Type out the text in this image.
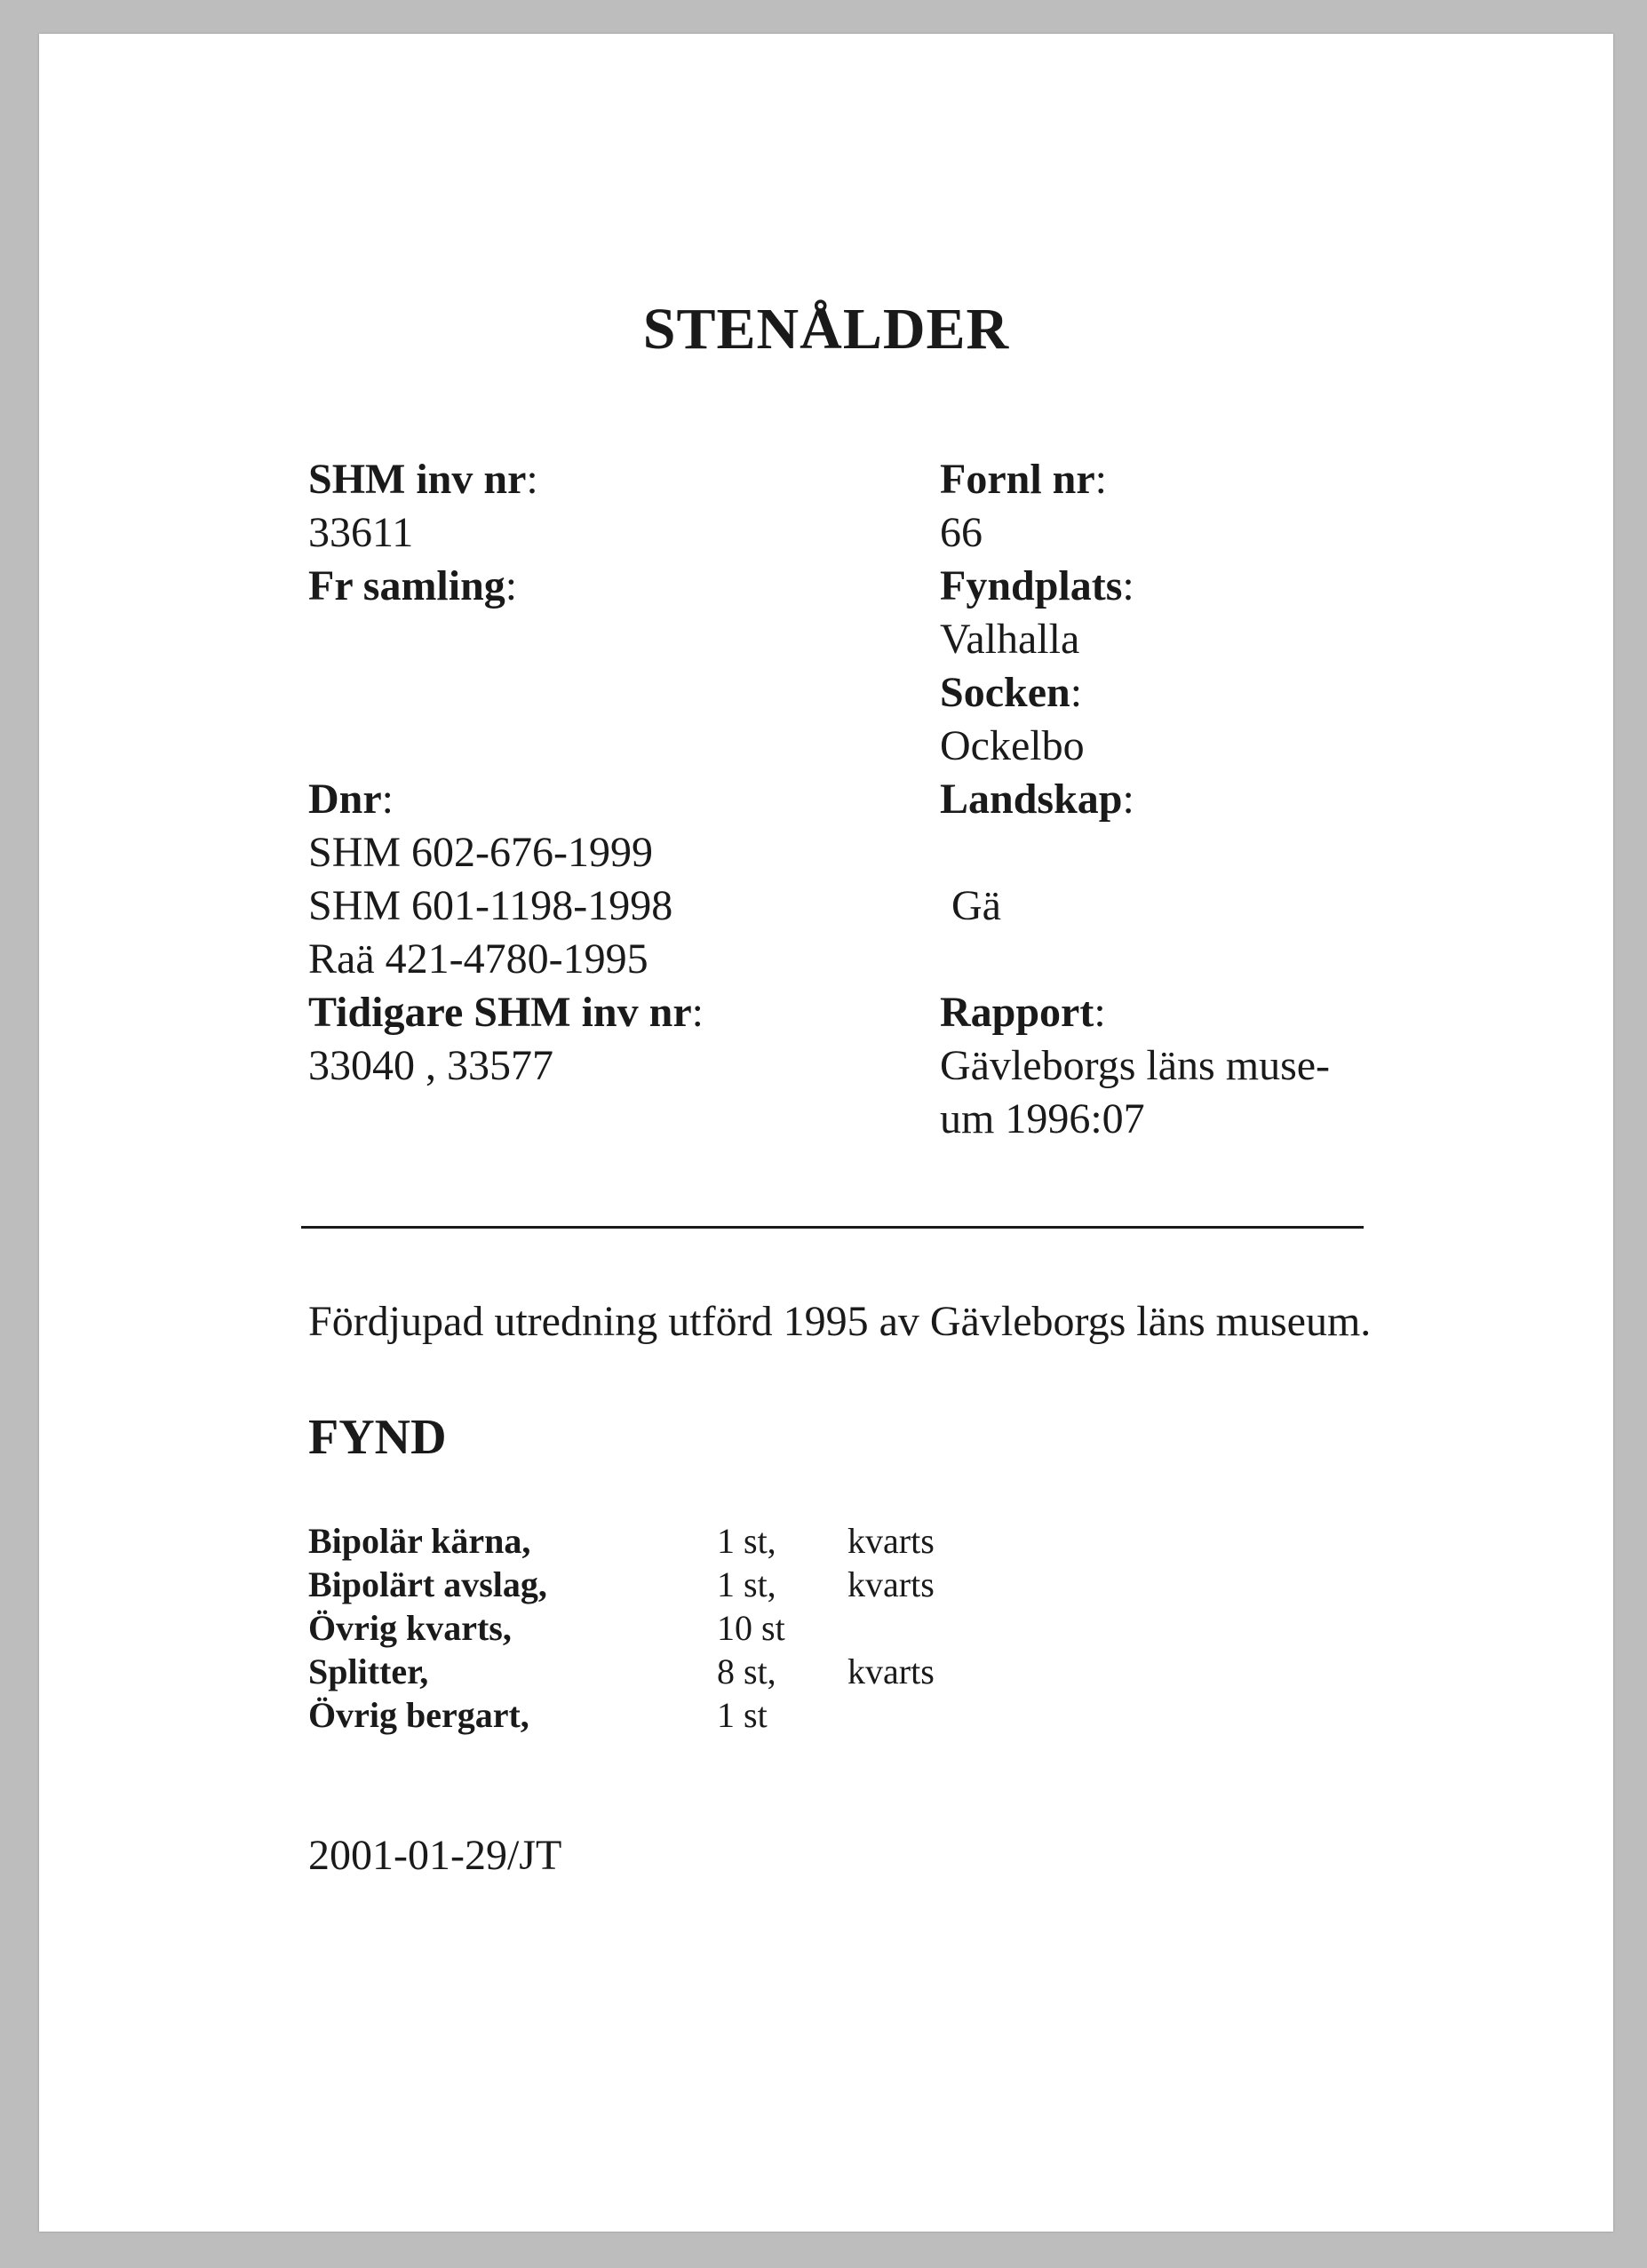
STENÅLDER
SHM inv nr:
33611
Fr samling:
Dnr:
SHM 602-676-1999
SHM 601-1198-1998
Raä 421-4780-1995
Tidigare SHM inv nr:
33040 , 33577
Fornl nr:
66
Fyndplats:
Valhalla
Socken:
Ockelbo
Landskap:
Gä
Rapport:
Gävleborgs läns muse-
um 1996:07
Fördjupad utredning utförd 1995 av Gävleborgs läns museum.
FYND
Bipolär kärna,	1 st, kvarts
Bipolärt avslag,	1 st, kvarts
Övrig kvarts,	10 st
Splitter,	8 st, kvarts
Övrig bergart,	1 st
2001-01-29/JT
